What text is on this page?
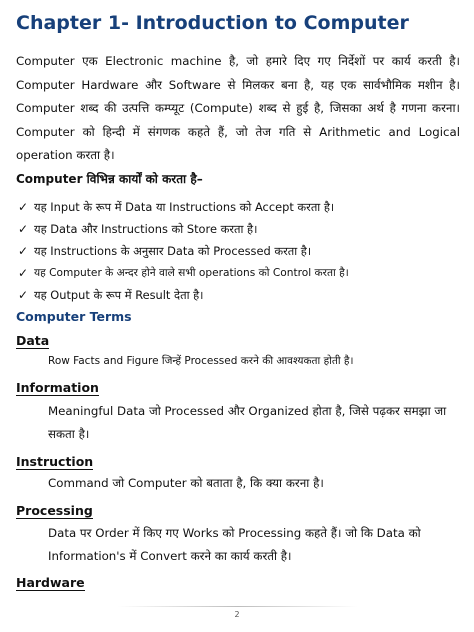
Chapter 1- Introduction to Computer
Computer एक Electronic machine है, जो हमारे दिए गए निर्देशों पर कार्य करती है। Computer Hardware और Software से मिलकर बना है, यह एक सार्वभौमिक मशीन है। Computer शब्द की उत्पत्ति कम्प्यूट (Compute) शब्द से हुई है, जिसका अर्थ है गणना करना। Computer को हिन्दी में संगणक कहते हैं, जो तेज गति से Arithmetic and Logical operation करता है।
Computer विभिन्न कार्यों को करता है–
✓ यह Input के रूप में Data या Instructions को Accept करता है।
✓ यह Data और Instructions को Store करता है।
✓ यह Instructions के अनुसार Data को Processed करता है।
✓ यह Computer के अन्दर होने वाले सभी operations को Control करता है।
✓ यह Output के रूप में Result देता है।
Computer Terms
Data
Row Facts and Figure जिन्हें Processed करने की आवश्यकता होती है।
Information
Meaningful Data जो Processed और Organized होता है, जिसे पढ़कर समझा जा सकता है।
Instruction
Command जो Computer को बताता है, कि क्या करना है।
Processing
Data पर Order में किए गए Works को Processing कहते हैं। जो कि Data को Information's में Convert करने का कार्य करती है।
Hardware
2
